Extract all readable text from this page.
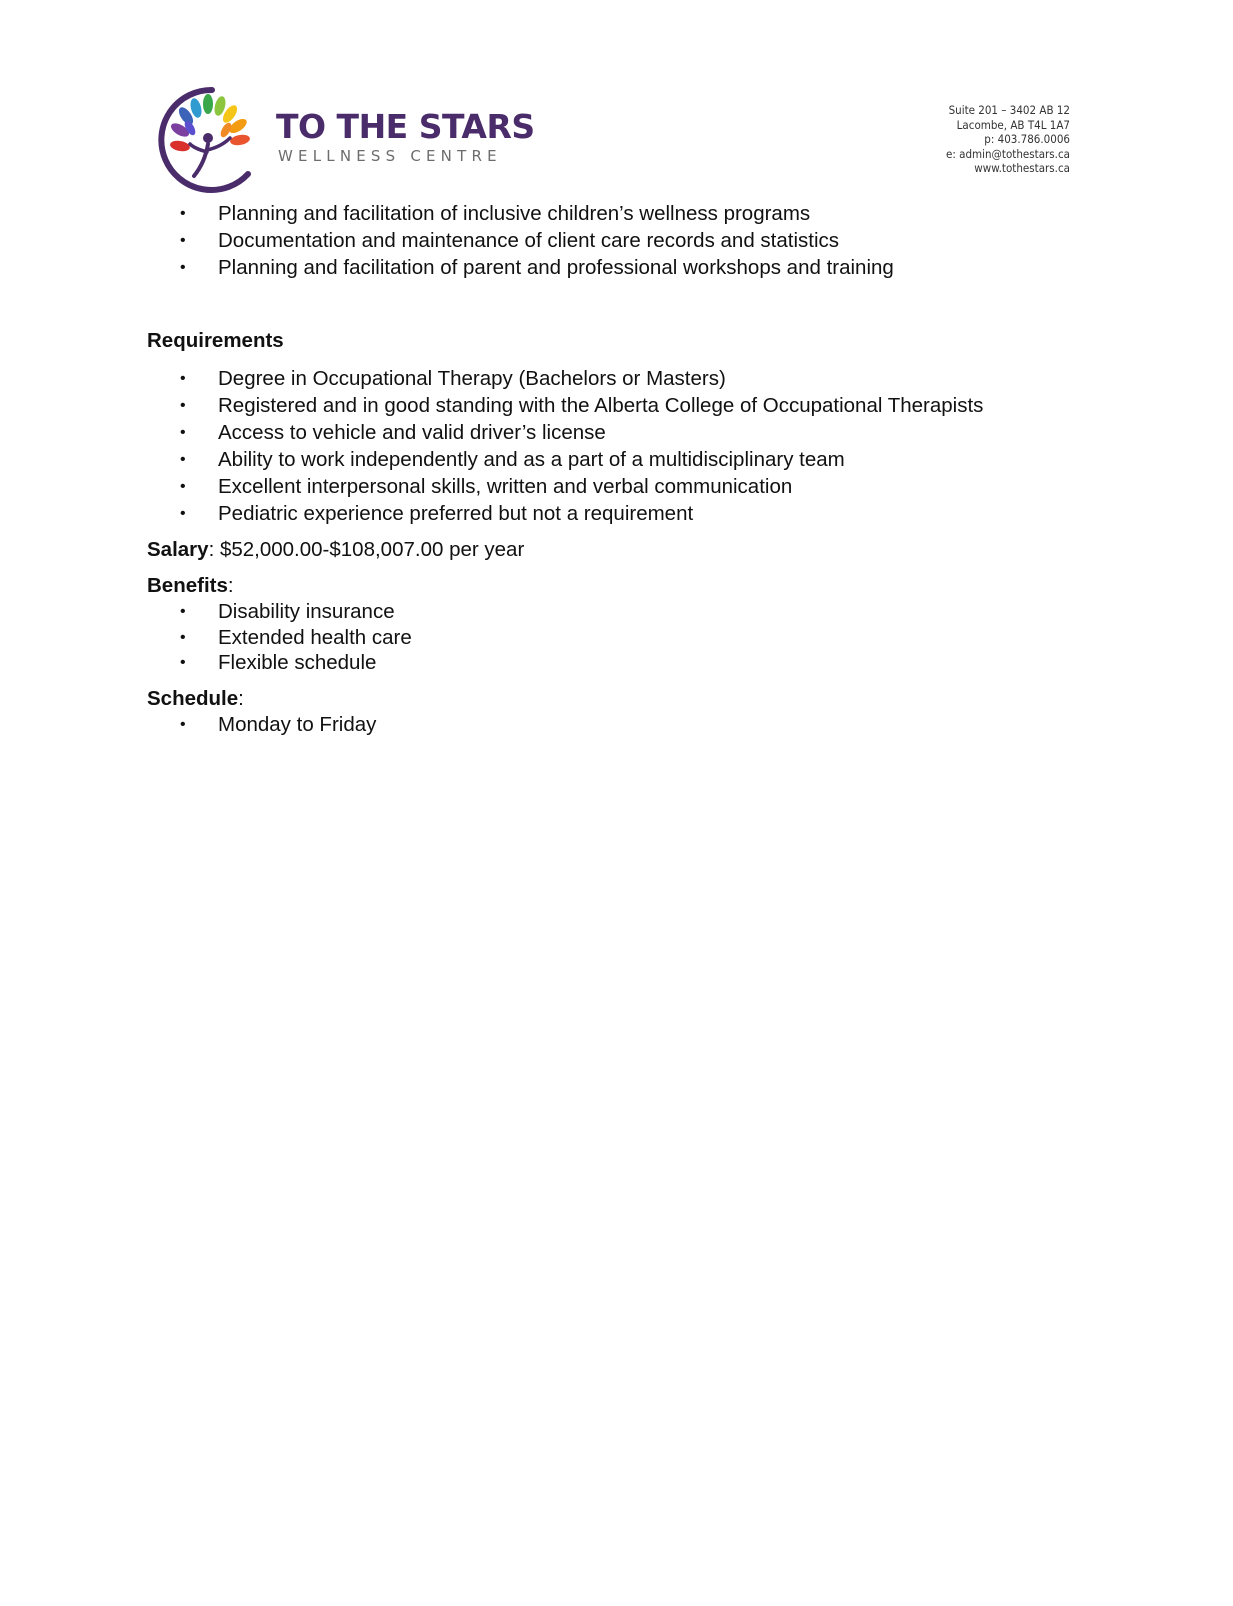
TO THE STARS
WELLNESS CENTRE
Suite 201 – 3402 AB 12
Lacombe, AB T4L 1A7
p: 403.786.0006
e: admin@tothestars.ca
www.tothestars.ca
• Planning and facilitation of inclusive children’s wellness programs
• Documentation and maintenance of client care records and statistics
• Planning and facilitation of parent and professional workshops and training
Requirements
• Degree in Occupational Therapy (Bachelors or Masters)
• Registered and in good standing with the Alberta College of Occupational Therapists
• Access to vehicle and valid driver’s license
• Ability to work independently and as a part of a multidisciplinary team
• Excellent interpersonal skills, written and verbal communication
• Pediatric experience preferred but not a requirement
Salary: $52,000.00-$108,007.00 per year
Benefits:
• Disability insurance
• Extended health care
• Flexible schedule
Schedule:
• Monday to Friday
